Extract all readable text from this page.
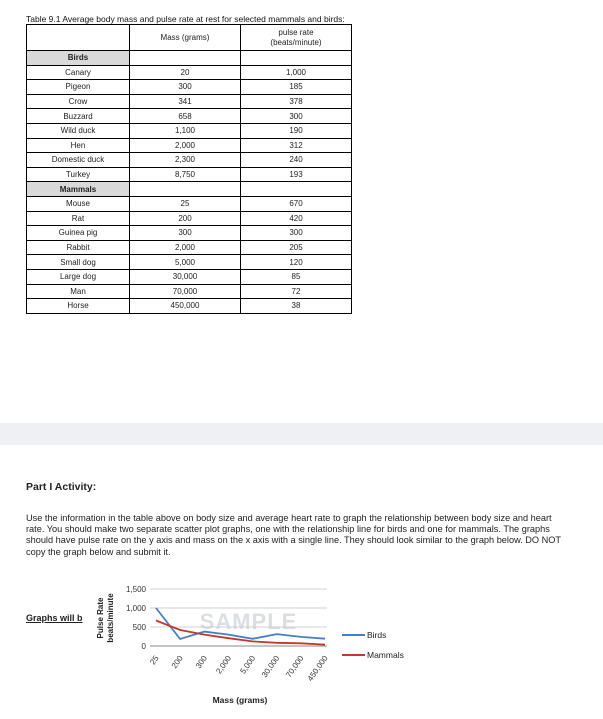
Table 9.1 Average body mass and pulse rate at rest for selected mammals and birds:
	Mass (grams)	pulse rate
(beats/minute)

Birds		
Canary	20	1,000
Pigeon	300	185
Crow	341	378
Buzzard	658	300
Wild duck	1,100	190
Hen	2,000	312
Domestic duck	2,300	240
Turkey	8,750	193
Mammals		
Mouse	25	670
Rat	200	420
Guinea pig	300	300
Rabbit	2,000	205
Small dog	5,000	120
Large dog	30,000	85
Man	70,000	72
Horse	450,000	38
Part I Activity:
Use the information in the table above on body size and average heart rate to graph the relationship between body size and heart rate. You should make two separate scatter plot graphs, one with the relationship line for birds and one for mammals. The graphs should have pulse rate on the y axis and mass on the x axis with a single line. They should look similar to the graph below. DO NOT copy the graph below and submit it.
Graphs will b
0
500
1,000
1,500
Pulse Rate beats/minute	SAMPLE
25 200 300 2,000 5,000 30,000 70,000 450,000
Mass (grams)
Birds
Mammals
